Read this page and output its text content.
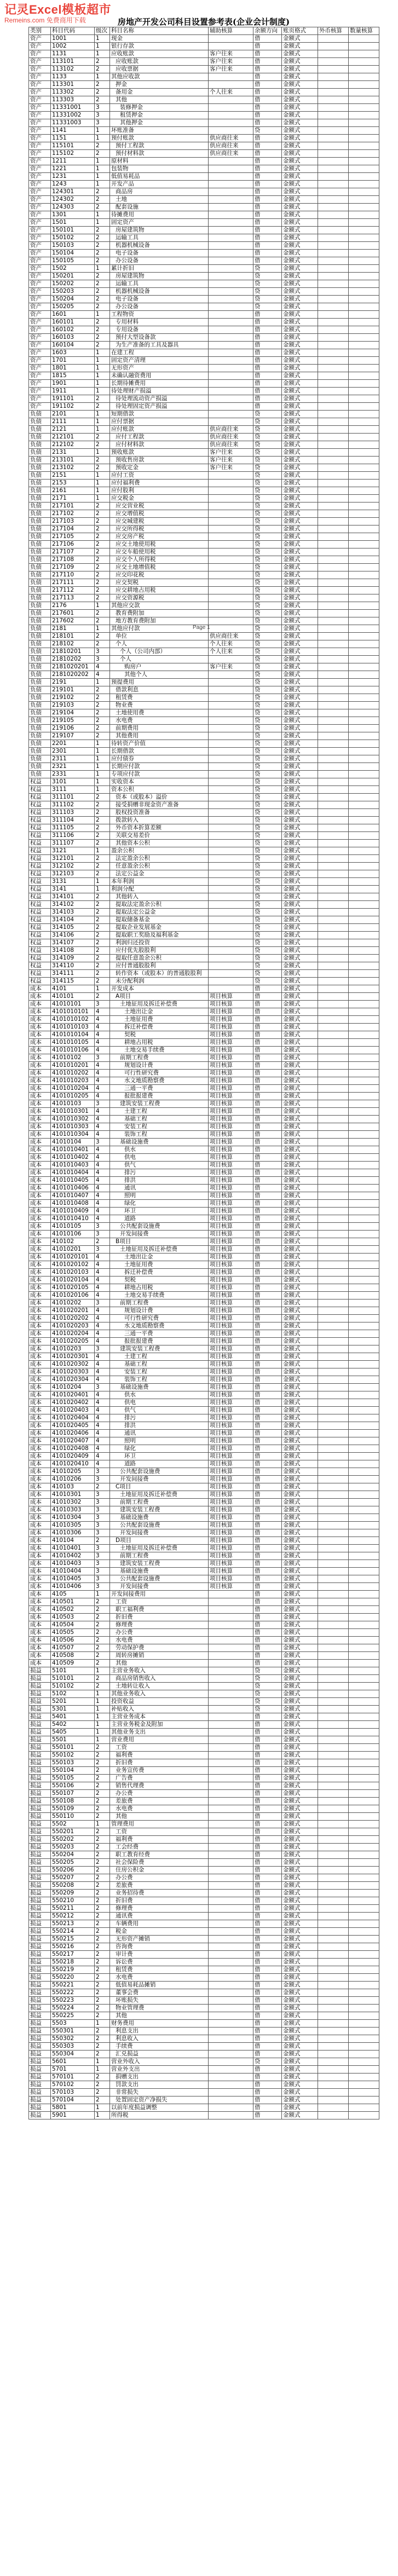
记灵Excel模板超市
Remeins.com 免费商用下载	房地产开发公司科目设置参考表(企业会计制度)
类别	科目代码	级次	科目名称	辅助核算	余额方向	账页格式	外币核算	数量核算
资产	1001	1	现金		借	金额式		
资产	1002	1	银行存款		借	金额式		
资产	1131	1	应收账款	客户往来	借	金额式		
资产	113101	2	应收账款	客户往来	借	金额式		
资产	113102	2	应收票据	客户往来	借	金额式		
资产	1133	1	其他应收款		借	金额式		
资产	113301	2	押金		借	金额式		
资产	113302	2	备用金	个人往来	借	金额式		
资产	113303	2	其他		借	金额式		
资产	11331001	3	装修押金		借	金额式		
资产	11331002	3	租赁押金		借	金额式		
资产	11331003	3	其他押金		借	金额式		
资产	1141	1	坏账准备		贷	金额式		
资产	1151	1	预付账款	供应商往来	借	金额式		
资产	115101	2	预付工程款	供应商往来	借	金额式		
资产	115102	2	预付材料款	供应商往来	借	金额式		
资产	1211	1	原材料		借	金额式		
资产	1221	1	包装物		借	金额式		
资产	1231	1	低值易耗品		借	金额式		
资产	1243	1	开发产品		借	金额式		
资产	124301	2	商品房		借	金额式		
资产	124302	2	土地		借	金额式		
资产	124303	2	配套设施		借	金额式		
资产	1301	1	待摊费用		借	金额式		
资产	1501	1	固定资产		借	金额式		
资产	150101	2	房屋建筑物		借	金额式		
资产	150102	2	运输工具		借	金额式		
资产	150103	2	机器机械设备		借	金额式		
资产	150104	2	电子设备		借	金额式		
资产	150105	2	办公设备		借	金额式		
资产	1502	1	累计折旧		贷	金额式		
资产	150201	2	房屋建筑物		贷	金额式		
资产	150202	2	运输工具		贷	金额式		
资产	150203	2	机器机械设备		贷	金额式		
资产	150204	2	电子设备		贷	金额式		
资产	150205	2	办公设备		贷	金额式		
资产	1601	1	工程物资		借	金额式		
资产	160101	2	专用材料		借	金额式		
资产	160102	2	专用设备		借	金额式		
资产	160103	2	预付大型设备款		借	金额式		
资产	160104	2	为生产准备的工具及器具		借	金额式		
资产	1603	1	在建工程		借	金额式		
资产	1701	1	固定资产清理		借	金额式		
资产	1801	1	无形资产		借	金额式		
资产	1815	1	未确认融资费用		借	金额式		
资产	1901	1	长期待摊费用		借	金额式		
资产	1911	1	待处理财产损溢		借	金额式		
资产	191101	2	待处理流动资产损溢		借	金额式		
资产	191102	2	待处理固定资产损溢		借	金额式		
负债	2101	1	短期借款		贷	金额式		
负债	2111	1	应付票据		贷	金额式		
负债	2121	1	应付账款	供应商往来	贷	金额式		
负债	212101	2	应付工程款	供应商往来	贷	金额式		
负债	212102	2	应付材料款	供应商往来	贷	金额式		
负债	2131	1	预收账款	客户往来	贷	金额式		
负债	213101	2	预收售房款	客户往来	贷	金额式		
负债	213102	2	预收定金	客户往来	贷	金额式		
负债	2151	1	应付工资		贷	金额式		
负债	2153	1	应付福利费		贷	金额式		
负债	2161	1	应付股利		贷	金额式		
负债	2171	1	应交税金		贷	金额式		
负债	217101	2	应交营业税		贷	金额式		
负债	217102	2	应交增值税		贷	金额式		
负债	217103	2	应交城建税		贷	金额式		
负债	217104	2	应交所得税		贷	金额式		
负债	217105	2	应交房产税		贷	金额式		
负债	217106	2	应交土地使用税		贷	金额式		
负债	217107	2	应交车船使用税		贷	金额式		
负债	217108	2	应交个人所得税		贷	金额式		
负债	217109	2	应交土地增值税		贷	金额式		
负债	217110	2	应交印花税		贷	金额式		
负债	217111	2	应交契税		贷	金额式		
负债	217112	2	应交耕地占用税		贷	金额式		
负债	217113	2	应交资源税		贷	金额式		
负债	2176	1	其他应交款		贷	金额式		
负债	217601	2	教育费附加		贷	金额式		
负债	217602	2	地方教育费附加		贷	金额式		
负债	2181	1	其他应付款		贷	金额式		
负债	218101	2	单位	供应商往来	贷	金额式		
负债	218102	2	个人	个人往来	贷	金额式		
负债	21810201	3	个人（公司内部）	个人往来	贷	金额式		
负债	21810202	3	个人		贷	金额式		
负债	2181020201	4	购房户	客户往来	贷	金额式		
负债	2181020202	4	其他个人		贷	金额式		
负债	2191	1	预提费用		贷	金额式		
负债	219101	2	借款利息		贷	金额式		
负债	219102	2	租赁费		贷	金额式		
负债	219103	2	物业费		贷	金额式		
负债	219104	2	土地使用费		贷	金额式		
负债	219105	2	水电费		贷	金额式		
负债	219106	2	前期费用		贷	金额式		
负债	219107	2	其他费用		贷	金额式		
负债	2201	1	待转资产价值		贷	金额式		
负债	2301	1	长期借款		贷	金额式		
负债	2311	1	应付债券		贷	金额式		
负债	2321	1	长期应付款		贷	金额式		
负债	2331	1	专项应付款		贷	金额式		
权益	3101	1	实收资本		贷	金额式		
权益	3111	1	资本公积		贷	金额式		
权益	311101	2	资本（或股本）溢价		贷	金额式		
权益	311102	2	接受捐赠非现金资产准备		贷	金额式		
权益	311103	2	股权投资准备		贷	金额式		
权益	311104	2	拨款转入		贷	金额式		
权益	311105	2	外币资本折算差额		贷	金额式		
权益	311106	2	关联交易差价		贷	金额式		
权益	311107	2	其他资本公积		贷	金额式		
权益	3121	1	盈余公积		贷	金额式		
权益	312101	2	法定盈余公积		贷	金额式		
权益	312102	2	任意盈余公积		贷	金额式		
权益	312103	2	法定公益金		贷	金额式		
权益	3131	1	本年利润		贷	金额式		
权益	3141	1	利润分配		贷	金额式		
权益	314101	2	其他转入		贷	金额式		
权益	314102	2	提取法定盈余公积		贷	金额式		
权益	314103	2	提取法定公益金		贷	金额式		
权益	314104	2	提取储备基金		贷	金额式		
权益	314105	2	提取企业发展基金		贷	金额式		
权益	314106	2	提取职工奖励及福利基金		贷	金额式		
权益	314107	2	利润归还投资		贷	金额式		
权益	314108	2	应付优先股股利		贷	金额式		
权益	314109	2	提取任意盈余公积		贷	金额式		
权益	314110	2	应付普通股股利		贷	金额式		
权益	314111	2	转作资本（或股本）的普通股股利		贷	金额式		
权益	314115	2	未分配利润		贷	金额式		
成本	4101	1	开发成本		借	金额式		
成本	410101	2	A项目	项目核算	借	金额式		
成本	41010101	3	土地征用及拆迁补偿费	项目核算	借	金额式		
成本	4101010101	4	土地出让金	项目核算	借	金额式		
成本	4101010102	4	土地征用费	项目核算	借	金额式		
成本	4101010103	4	拆迁补偿费	项目核算	借	金额式		
成本	4101010104	4	契税	项目核算	借	金额式		
成本	4101010105	4	耕地占用税	项目核算	借	金额式		
成本	4101010106	4	土地交易手续费	项目核算	借	金额式		
成本	41010102	3	前期工程费	项目核算	借	金额式		
成本	4101010201	4	规划设计费	项目核算	借	金额式		
成本	4101010202	4	可行性研究费	项目核算	借	金额式		
成本	4101010203	4	水文地质勘察费	项目核算	借	金额式		
成本	4101010204	4	三通一平费	项目核算	借	金额式		
成本	4101010205	4	报批报建费	项目核算	借	金额式		
成本	41010103	3	建筑安装工程费	项目核算	借	金额式		
成本	4101010301	4	土建工程	项目核算	借	金额式		
成本	4101010302	4	基础工程	项目核算	借	金额式		
成本	4101010303	4	安装工程	项目核算	借	金额式		
成本	4101010304	4	装饰工程	项目核算	借	金额式		
成本	41010104	3	基础设施费	项目核算	借	金额式		
成本	4101010401	4	供水	项目核算	借	金额式		
成本	4101010402	4	供电	项目核算	借	金额式		
成本	4101010403	4	供气	项目核算	借	金额式		
成本	4101010404	4	排污	项目核算	借	金额式		
成本	4101010405	4	排洪	项目核算	借	金额式		
成本	4101010406	4	通讯	项目核算	借	金额式		
成本	4101010407	4	照明	项目核算	借	金额式		
成本	4101010408	4	绿化	项目核算	借	金额式		
成本	4101010409	4	环卫	项目核算	借	金额式		
成本	4101010410	4	道路	项目核算	借	金额式		
成本	41010105	3	公共配套设施费	项目核算	借	金额式		
成本	41010106	3	开发间接费	项目核算	借	金额式		
成本	410102	2	B项目	项目核算	借	金额式		
成本	41010201	3	土地征用及拆迁补偿费	项目核算	借	金额式		
成本	4101020101	4	土地出让金	项目核算	借	金额式		
成本	4101020102	4	土地征用费	项目核算	借	金额式		
成本	4101020103	4	拆迁补偿费	项目核算	借	金额式		
成本	4101020104	4	契税	项目核算	借	金额式		
成本	4101020105	4	耕地占用税	项目核算	借	金额式		
成本	4101020106	4	土地交易手续费	项目核算	借	金额式		
成本	41010202	3	前期工程费	项目核算	借	金额式		
成本	4101020201	4	规划设计费	项目核算	借	金额式		
成本	4101020202	4	可行性研究费	项目核算	借	金额式		
成本	4101020203	4	水文地质勘察费	项目核算	借	金额式		
成本	4101020204	4	三通一平费	项目核算	借	金额式		
成本	4101020205	4	报批报建费	项目核算	借	金额式		
成本	41010203	3	建筑安装工程费	项目核算	借	金额式		
成本	4101020301	4	土建工程	项目核算	借	金额式		
成本	4101020302	4	基础工程	项目核算	借	金额式		
成本	4101020303	4	安装工程	项目核算	借	金额式		
成本	4101020304	4	装饰工程	项目核算	借	金额式		
成本	41010204	3	基础设施费	项目核算	借	金额式		
成本	4101020401	4	供水	项目核算	借	金额式		
成本	4101020402	4	供电	项目核算	借	金额式		
成本	4101020403	4	供气	项目核算	借	金额式		
成本	4101020404	4	排污	项目核算	借	金额式		
成本	4101020405	4	排洪	项目核算	借	金额式		
成本	4101020406	4	通讯	项目核算	借	金额式		
成本	4101020407	4	照明	项目核算	借	金额式		
成本	4101020408	4	绿化	项目核算	借	金额式		
成本	4101020409	4	环卫	项目核算	借	金额式		
成本	4101020410	4	道路	项目核算	借	金额式		
成本	41010205	3	公共配套设施费	项目核算	借	金额式		
成本	41010206	3	开发间接费	项目核算	借	金额式		
成本	410103	2	C项目	项目核算	借	金额式		
成本	41010301	3	土地征用及拆迁补偿费	项目核算	借	金额式		
成本	41010302	3	前期工程费	项目核算	借	金额式		
成本	41010303	3	建筑安装工程费	项目核算	借	金额式		
成本	41010304	3	基础设施费	项目核算	借	金额式		
成本	41010305	3	公共配套设施费	项目核算	借	金额式		
成本	41010306	3	开发间接费	项目核算	借	金额式		
成本	410104	2	D项目	项目核算	借	金额式		
成本	41010401	3	土地征用及拆迁补偿费	项目核算	借	金额式		
成本	41010402	3	前期工程费	项目核算	借	金额式		
成本	41010403	3	建筑安装工程费	项目核算	借	金额式		
成本	41010404	3	基础设施费	项目核算	借	金额式		
成本	41010405	3	公共配套设施费	项目核算	借	金额式		
成本	41010406	3	开发间接费	项目核算	借	金额式		
成本	4105	1	开发间接费用		借	金额式		
成本	410501	2	工资		借	金额式		
成本	410502	2	职工福利费		借	金额式		
成本	410503	2	折旧费		借	金额式		
成本	410504	2	修理费		借	金额式		
成本	410505	2	办公费		借	金额式		
成本	410506	2	水电费		借	金额式		
成本	410507	2	劳动保护费		借	金额式		
成本	410508	2	周转房摊销		借	金额式		
成本	410509	2	其他		借	金额式		
损益	5101	1	主营业务收入		贷	金额式		
损益	510101	2	商品房销售收入		贷	金额式		
损益	510102	2	土地转让收入		贷	金额式		
损益	5102	1	其他业务收入		贷	金额式		
损益	5201	1	投资收益		贷	金额式		
损益	5301	1	补贴收入		贷	金额式		
损益	5401	1	主营业务成本		借	金额式		
损益	5402	1	主营业务税金及附加		借	金额式		
损益	5405	1	其他业务支出		借	金额式		
损益	5501	1	营业费用		借	金额式		
损益	550101	2	工资		借	金额式		
损益	550102	2	福利费		借	金额式		
损益	550103	2	折旧费		借	金额式		
损益	550104	2	业务宣传费		借	金额式		
损益	550105	2	广告费		借	金额式		
损益	550106	2	销售代理费		借	金额式		
损益	550107	2	办公费		借	金额式		
损益	550108	2	差旅费		借	金额式		
损益	550109	2	水电费		借	金额式		
损益	550110	2	其他		借	金额式		
损益	5502	1	管理费用		借	金额式		
损益	550201	2	工资		借	金额式		
损益	550202	2	福利费		借	金额式		
损益	550203	2	工会经费		借	金额式		
损益	550204	2	职工教育经费		借	金额式		
损益	550205	2	社会保险费		借	金额式		
损益	550206	2	住房公积金		借	金额式		
损益	550207	2	办公费		借	金额式		
损益	550208	2	差旅费		借	金额式		
损益	550209	2	业务招待费		借	金额式		
损益	550210	2	折旧费		借	金额式		
损益	550211	2	修理费		借	金额式		
损益	550212	2	通讯费		借	金额式		
损益	550213	2	车辆费用		借	金额式		
损益	550214	2	税金		借	金额式		
损益	550215	2	无形资产摊销		借	金额式		
损益	550216	2	咨询费		借	金额式		
损益	550217	2	审计费		借	金额式		
损益	550218	2	诉讼费		借	金额式		
损益	550219	2	租赁费		借	金额式		
损益	550220	2	水电费		借	金额式		
损益	550221	2	低值易耗品摊销		借	金额式		
损益	550222	2	董事会费		借	金额式		
损益	550223	2	坏账损失		借	金额式		
损益	550224	2	物业管理费		借	金额式		
损益	550225	2	其他		借	金额式		
损益	5503	1	财务费用		借	金额式		
损益	550301	2	利息支出		借	金额式		
损益	550302	2	利息收入		借	金额式		
损益	550303	2	手续费		借	金额式		
损益	550304	2	汇兑损益		借	金额式		
损益	5601	1	营业外收入		贷	金额式		
损益	5701	1	营业外支出		借	金额式		
损益	570101	2	捐赠支出		借	金额式		
损益	570102	2	罚款支出		借	金额式		
损益	570103	2	非常损失		借	金额式		
损益	570104	2	处置固定资产净损失		借	金额式		
损益	5801	1	以前年度损益调整		借	金额式		
损益	5901	1	所得税		借	金额式		
Page 1
